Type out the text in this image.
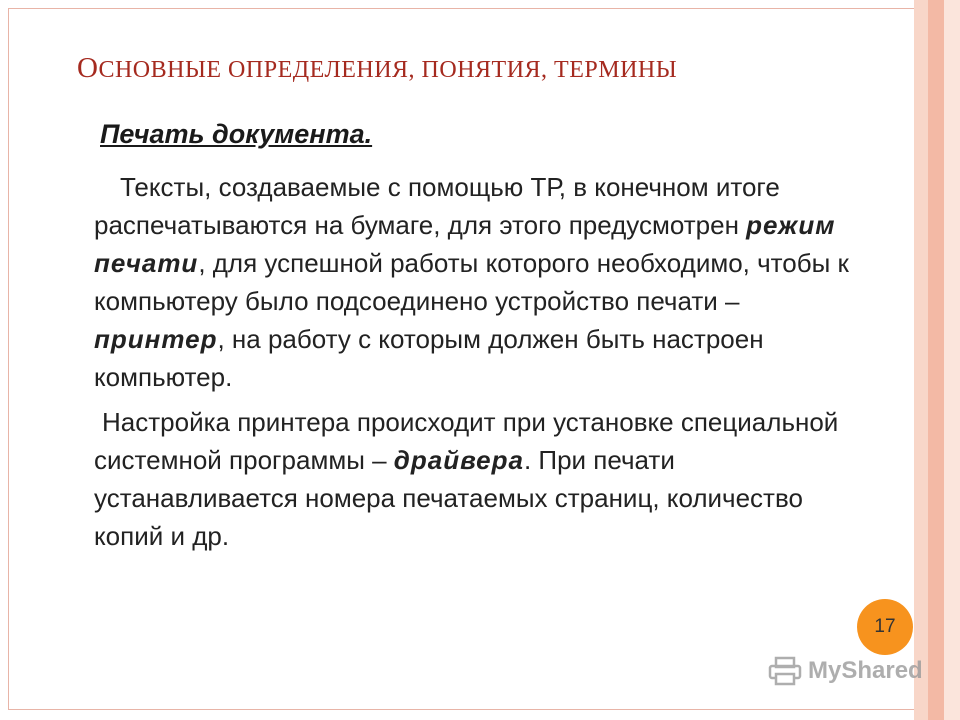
ОСНОВНЫЕ ОПРЕДЕЛЕНИЯ, ПОНЯТИЯ, ТЕРМИНЫ
Печать документа.

Тексты, создаваемые с помощью ТР, в конечном итоге распечатываются на бумаге, для этого предусмотрен режим печати, для успешной работы которого необходимо, чтобы к компьютеру было подсоединено устройство печати – принтер, на работу с которым должен быть настроен компьютер.

Настройка принтера происходит при установке специальной системной программы – драйвера. При печати устанавливается номера печатаемых страниц, количество копий и др.

17
MyShared
